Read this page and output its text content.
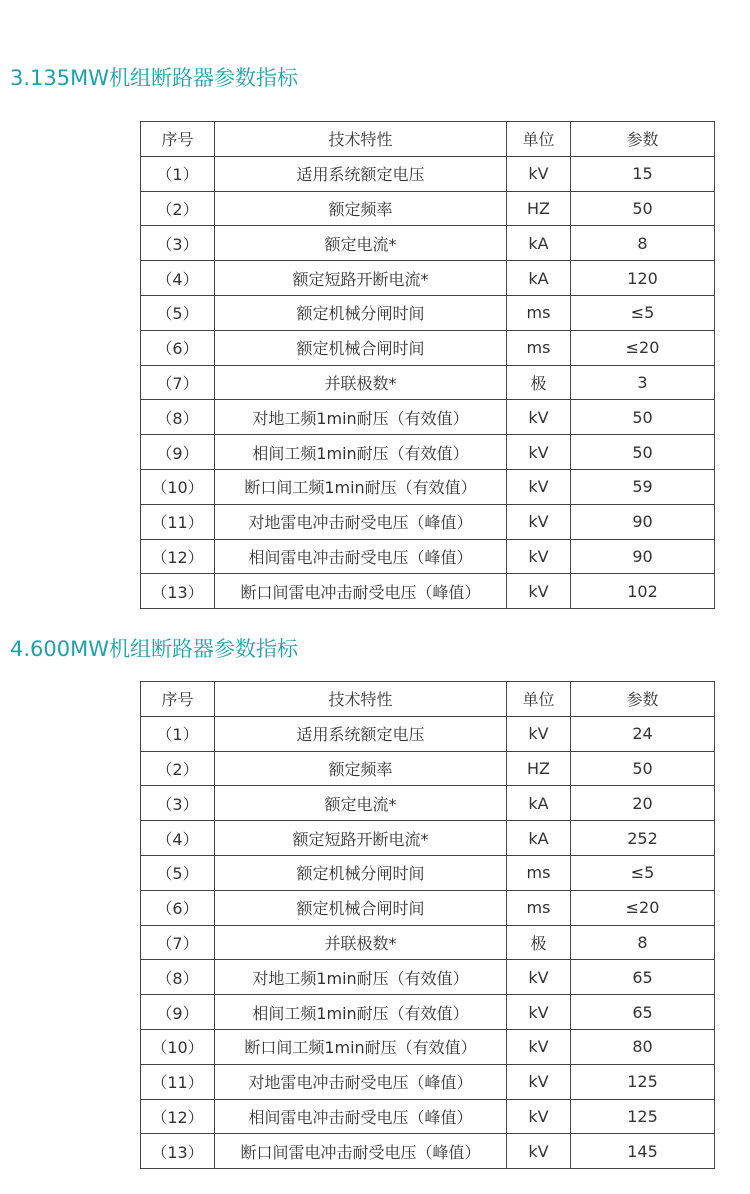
3.135MW机组断路器参数指标
序号	技术特性	单位	参数
（1）	适用系统额定电压	kV	15
（2）	额定频率	HZ	50
（3）	额定电流*	kA	8
（4）	额定短路开断电流*	kA	120
（5）	额定机械分闸时间	ms	≤5
（6）	额定机械合闸时间	ms	≤20
（7）	并联极数*	极	3
（8）	对地工频1min耐压（有效值）	kV	50
（9）	相间工频1min耐压（有效值）	kV	50
（10）	断口间工频1min耐压（有效值）	kV	59
（11）	对地雷电冲击耐受电压（峰值）	kV	90
（12）	相间雷电冲击耐受电压（峰值）	kV	90
（13）	断口间雷电冲击耐受电压（峰值）	kV	102
4.600MW机组断路器参数指标
序号	技术特性	单位	参数
（1）	适用系统额定电压	kV	24
（2）	额定频率	HZ	50
（3）	额定电流*	kA	20
（4）	额定短路开断电流*	kA	252
（5）	额定机械分闸时间	ms	≤5
（6）	额定机械合闸时间	ms	≤20
（7）	并联极数*	极	8
（8）	对地工频1min耐压（有效值）	kV	65
（9）	相间工频1min耐压（有效值）	kV	65
（10）	断口间工频1min耐压（有效值）	kV	80
（11）	对地雷电冲击耐受电压（峰值）	kV	125
（12）	相间雷电冲击耐受电压（峰值）	kV	125
（13）	断口间雷电冲击耐受电压（峰值）	kV	145
